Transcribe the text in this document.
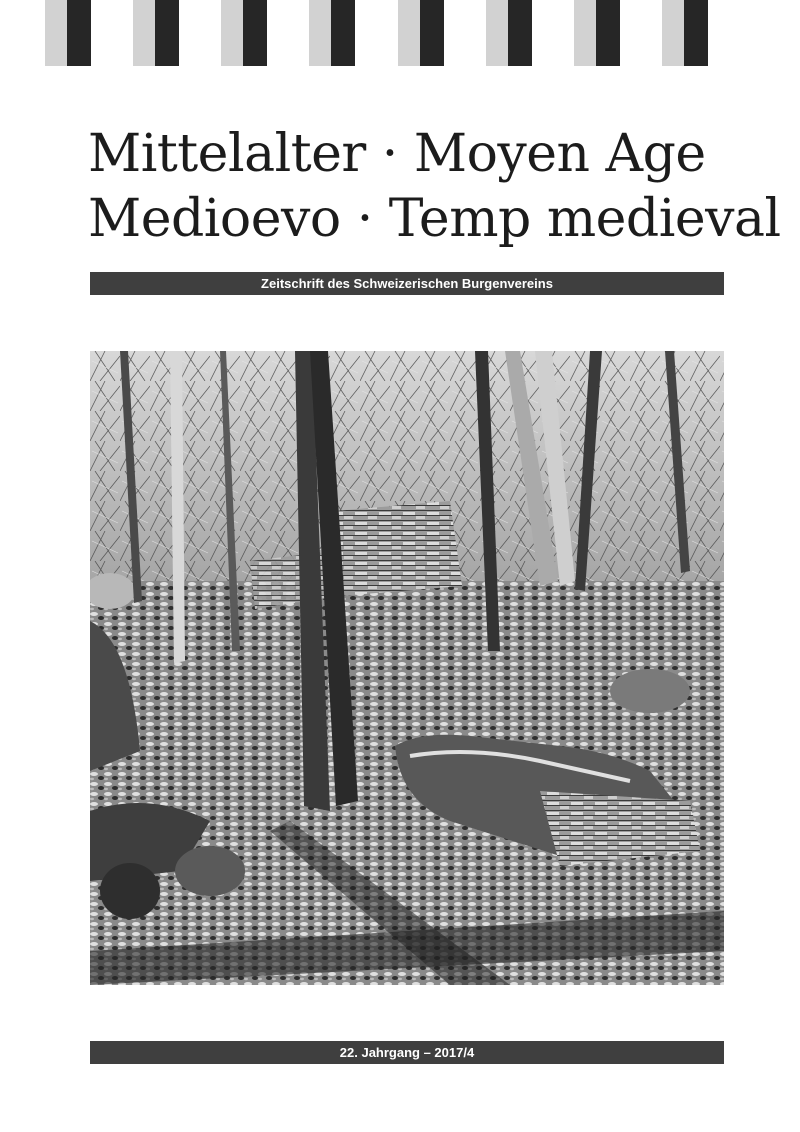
Mittelalter · Moyen Age
Medioevo · Temp medieval
Zeitschrift des Schweizerischen Burgenvereins
22. Jahrgang – 2017/4
